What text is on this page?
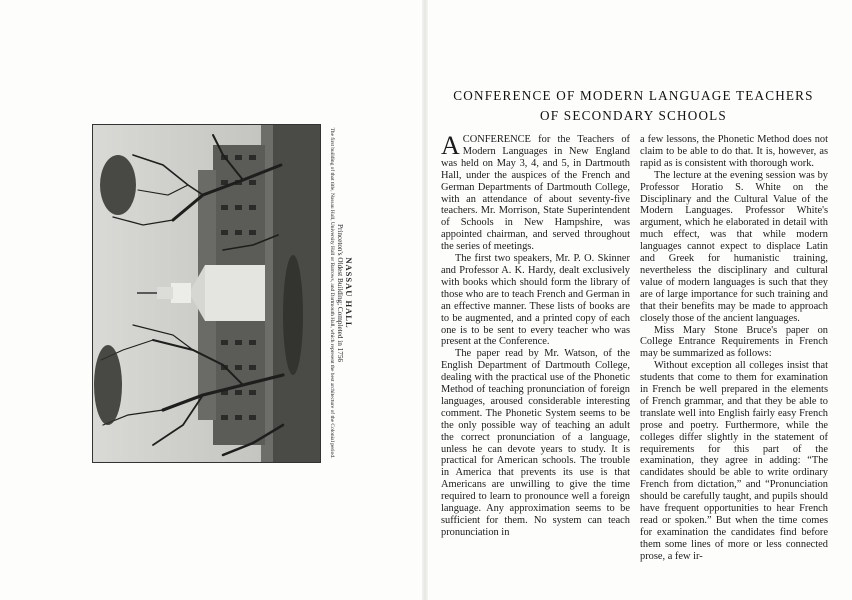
NASSAU HALL
Princeton's Oldest Building; Completed in 1756
The first building of that title, Nassau Hall, University Hall or Barrows, and Dartmouth Hall, which represent the best architecture of the Colonial period.
CONFERENCE OF MODERN LANGUAGE TEACHERS
OF SECONDARY SCHOOLS

ACONFERENCE for the Teachers of Modern Languages in New England was held on May 3, 4, and 5, in Dartmouth Hall, under the auspices of the French and German Departments of Dartmouth College, with an attendance of about seventy-five teachers. Mr. Morrison, State Superintendent of Schools in New Hampshire, was appointed chairman, and served throughout the series of meetings.

The first two speakers, Mr. P. O. Skinner and Professor A. K. Hardy, dealt exclusively with books which should form the library of those who are to teach French and German in an effective manner. These lists of books are to be augmented, and a printed copy of each one is to be sent to every teacher who was present at the Conference.

The paper read by Mr. Watson, of the English Department of Dartmouth College, dealing with the practical use of the Phonetic Method of teaching pronunciation of foreign languages, aroused considerable interesting comment. The Phonetic System seems to be the only possible way of teaching an adult the correct pronunciation of a language, unless he can devote years to study. It is practical for American schools. The trouble in America that prevents its use is that Americans are unwilling to give the time required to learn to pronounce well a foreign language. Any approximation seems to be sufficient for them. No system can teach pronunciation in

a few lessons, the Phonetic Method does not claim to be able to do that. It is, however, as rapid as is consistent with thorough work.

The lecture at the evening session was by Professor Horatio S. White on the Disciplinary and the Cultural Value of the Modern Languages. Professor White's argument, which he elaborated in detail with much effect, was that while modern languages cannot expect to displace Latin and Greek for humanistic training, nevertheless the disciplinary and cultural value of modern languages is such that they are of large importance for such training and that their benefits may be made to approach closely those of the ancient languages.

Miss Mary Stone Bruce's paper on College Entrance Requirements in French may be summarized as follows:

Without exception all colleges insist that students that come to them for examination in French be well prepared in the elements of French grammar, and that they be able to translate well into English fairly easy French prose and poetry. Furthermore, while the colleges differ slightly in the statement of requirements for this part of the examination, they agree in adding: “The candidates should be able to write ordinary French from dictation,” and “Pronunciation should be carefully taught, and pupils should have frequent opportunities to hear French read or spoken.” But when the time comes for examination the candidates find before them some lines of more or less connected prose, a few ir-
